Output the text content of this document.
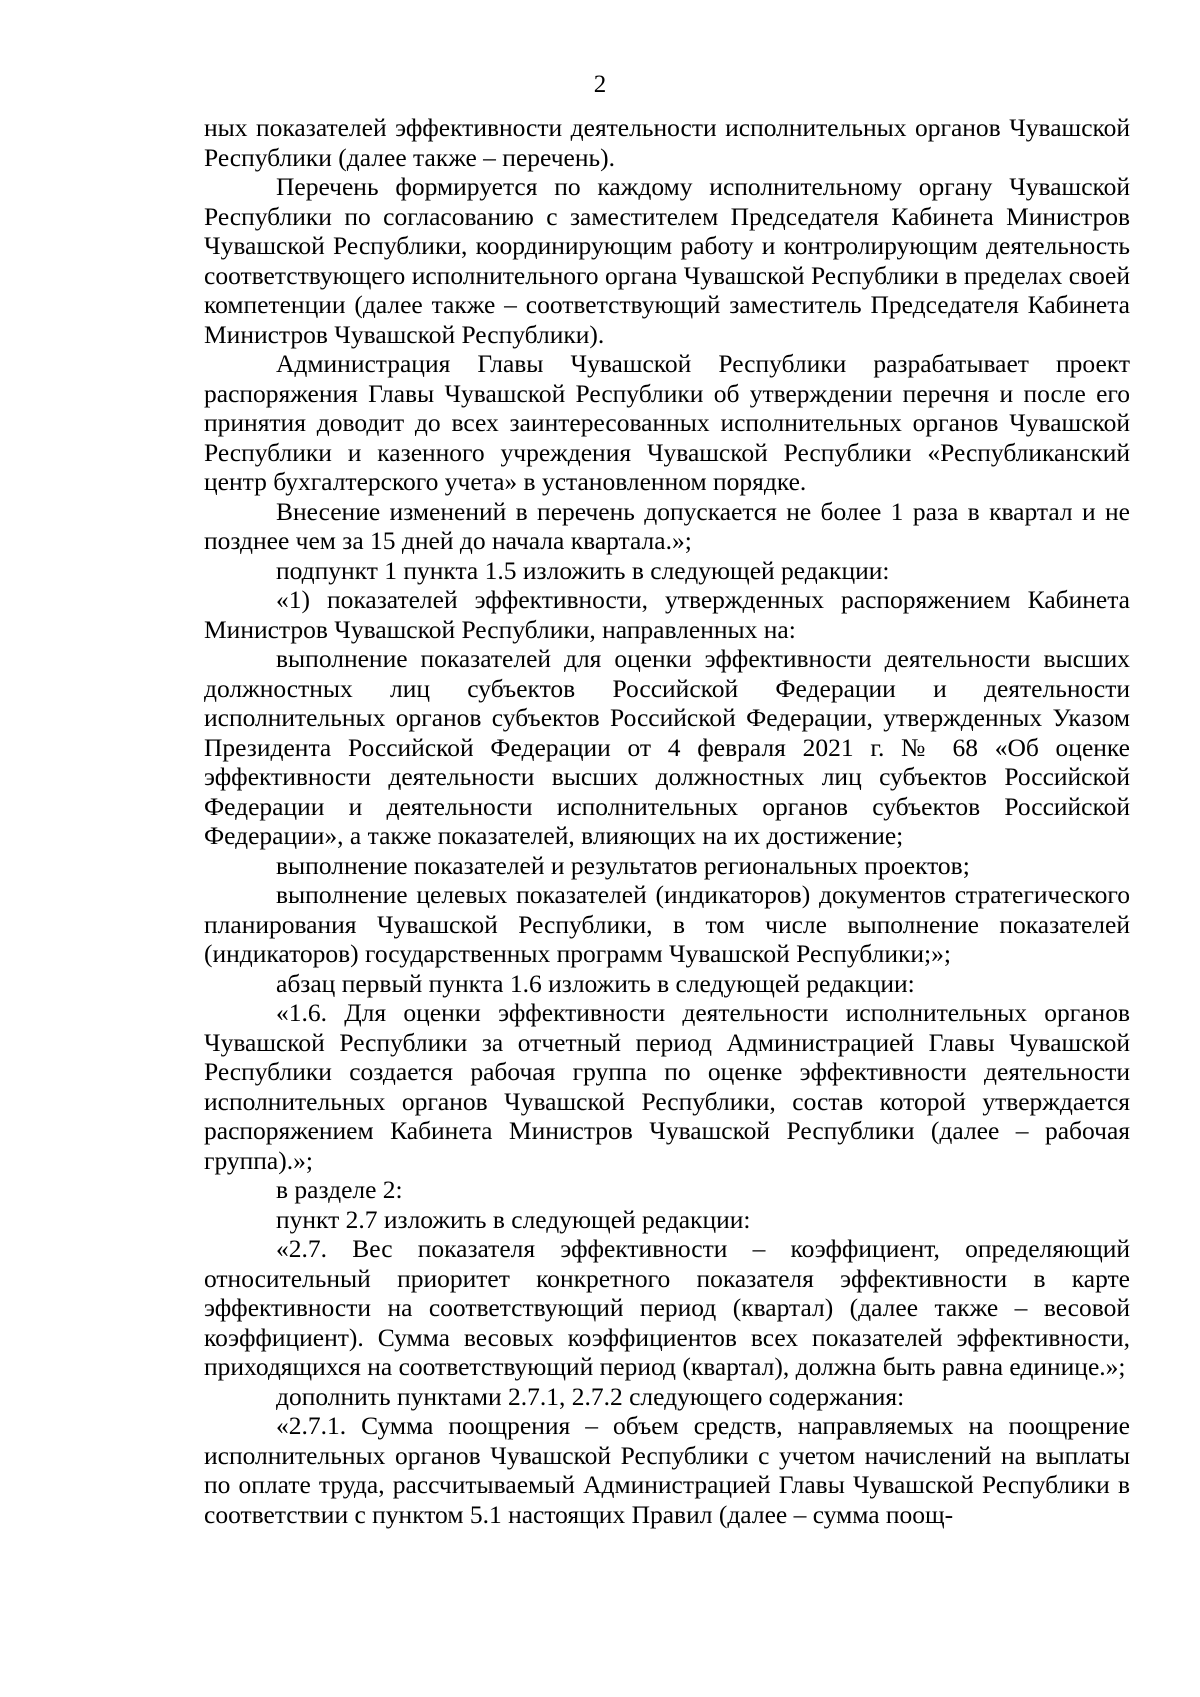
2

ных показателей эффективности деятельности исполнительных органов Чувашской Республики (далее также – перечень).

Перечень формируется по каждому исполнительному органу Чувашской Республики по согласованию с заместителем Председателя Кабинета Министров Чувашской Республики, координирующим работу и контролирующим деятельность соответствующего исполнительного органа Чувашской Республики в пределах своей компетенции (далее также – соответствующий заместитель Председателя Кабинета Министров Чувашской Республики).

Администрация Главы Чувашской Республики разрабатывает проект распоряжения Главы Чувашской Республики об утверждении перечня и после его принятия доводит до всех заинтересованных исполнительных органов Чувашской Республики и казенного учреждения Чувашской Республики «Республиканский центр бухгалтерского учета» в установленном порядке.

Внесение изменений в перечень допускается не более 1 раза в квартал и не позднее чем за 15 дней до начала квартала.»;

подпункт 1 пункта 1.5 изложить в следующей редакции:

«1) показателей эффективности, утвержденных распоряжением Кабинета Министров Чувашской Республики, направленных на:

выполнение показателей для оценки эффективности деятельности высших должностных лиц субъектов Российской Федерации и деятельности исполнительных органов субъектов Российской Федерации, утвержденных Указом Президента Российской Федерации от 4 февраля 2021 г. № 68 «Об оценке эффективности деятельности высших должностных лиц субъектов Российской Федерации и деятельности исполнительных органов субъектов Российской Федерации», а также показателей, влияющих на их достижение;

выполнение показателей и результатов региональных проектов;

выполнение целевых показателей (индикаторов) документов стратегического планирования Чувашской Республики, в том числе выполнение показателей (индикаторов) государственных программ Чувашской Республики;»;

абзац первый пункта 1.6 изложить в следующей редакции:

«1.6. Для оценки эффективности деятельности исполнительных органов Чувашской Республики за отчетный период Администрацией Главы Чувашской Республики создается рабочая группа по оценке эффективности деятельности исполнительных органов Чувашской Республики, состав которой утверждается распоряжением Кабинета Министров Чувашской Республики (далее – рабочая группа).»;

в разделе 2:

пункт 2.7 изложить в следующей редакции:

«2.7. Вес показателя эффективности – коэффициент, определяющий относительный приоритет конкретного показателя эффективности в карте эффективности на соответствующий период (квартал) (далее также – весовой коэффициент). Сумма весовых коэффициентов всех показателей эффективности, приходящихся на соответствующий период (квартал), должна быть равна единице.»;

дополнить пунктами 2.7.1, 2.7.2 следующего содержания:

«2.7.1. Сумма поощрения – объем средств, направляемых на поощрение исполнительных органов Чувашской Республики с учетом начислений на выплаты по оплате труда, рассчитываемый Администрацией Главы Чувашской Республики в соответствии с пунктом 5.1 настоящих Правил (далее – сумма поощ-
